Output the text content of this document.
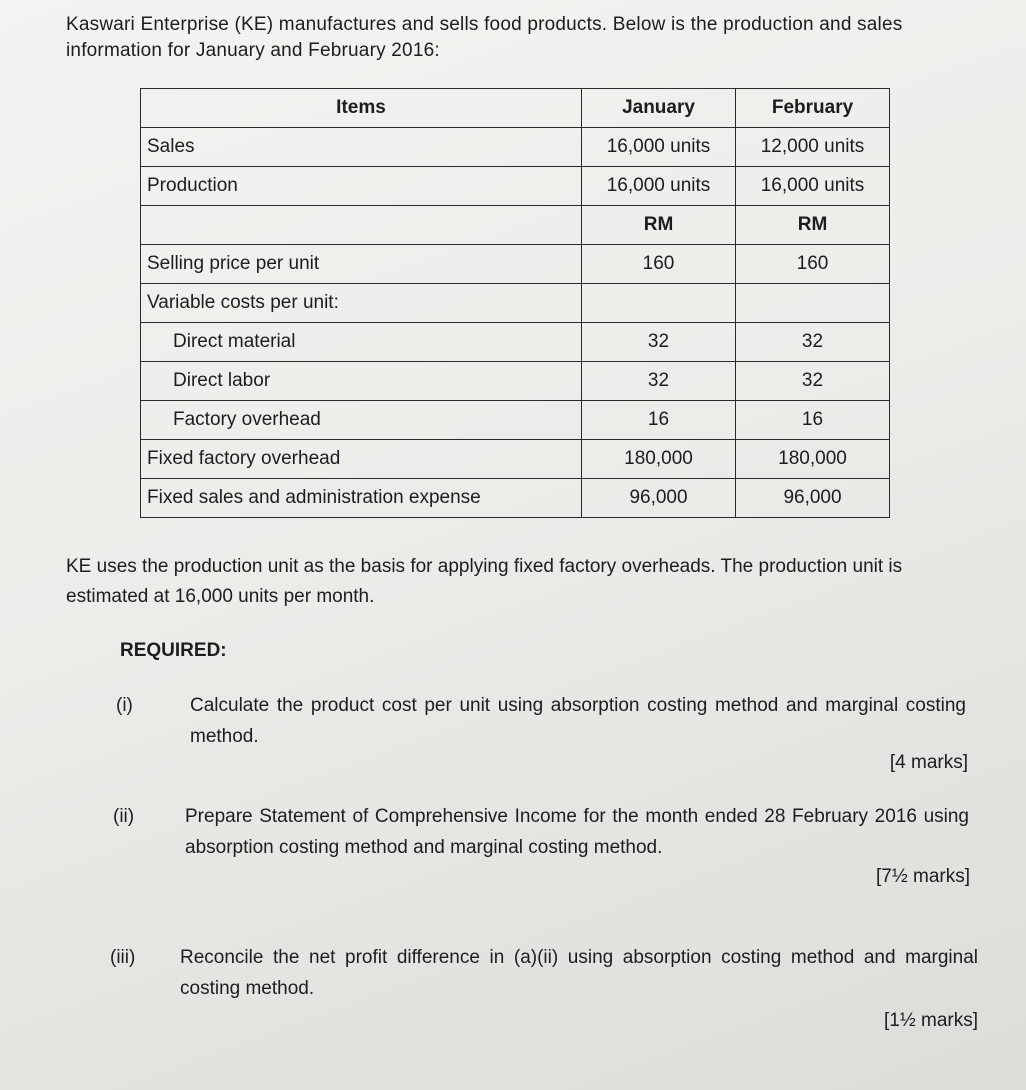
Kaswari Enterprise (KE) manufactures and sells food products. Below is the production and sales information for January and February 2016:

Items	January	February
Sales	16,000 units	12,000 units
Production	16,000 units	16,000 units
	RM	RM
Selling price per unit	160	160
Variable costs per unit:		
Direct material	32	32
Direct labor	32	32
Factory overhead	16	16
Fixed factory overhead	180,000	180,000
Fixed sales and administration expense	96,000	96,000

KE uses the production unit as the basis for applying fixed factory overheads. The production unit is estimated at 16,000 units per month.

REQUIRED:
(i)	Calculate the product cost per unit using absorption costing method and marginal costing method.
[4 marks]
(ii)	Prepare Statement of Comprehensive Income for the month ended 28 February 2016 using absorption costing method and marginal costing method.
[7½ marks]
(iii) Reconcile the net profit difference in (a)(ii) using absorption costing method and marginal costing method.
[1½ marks]
